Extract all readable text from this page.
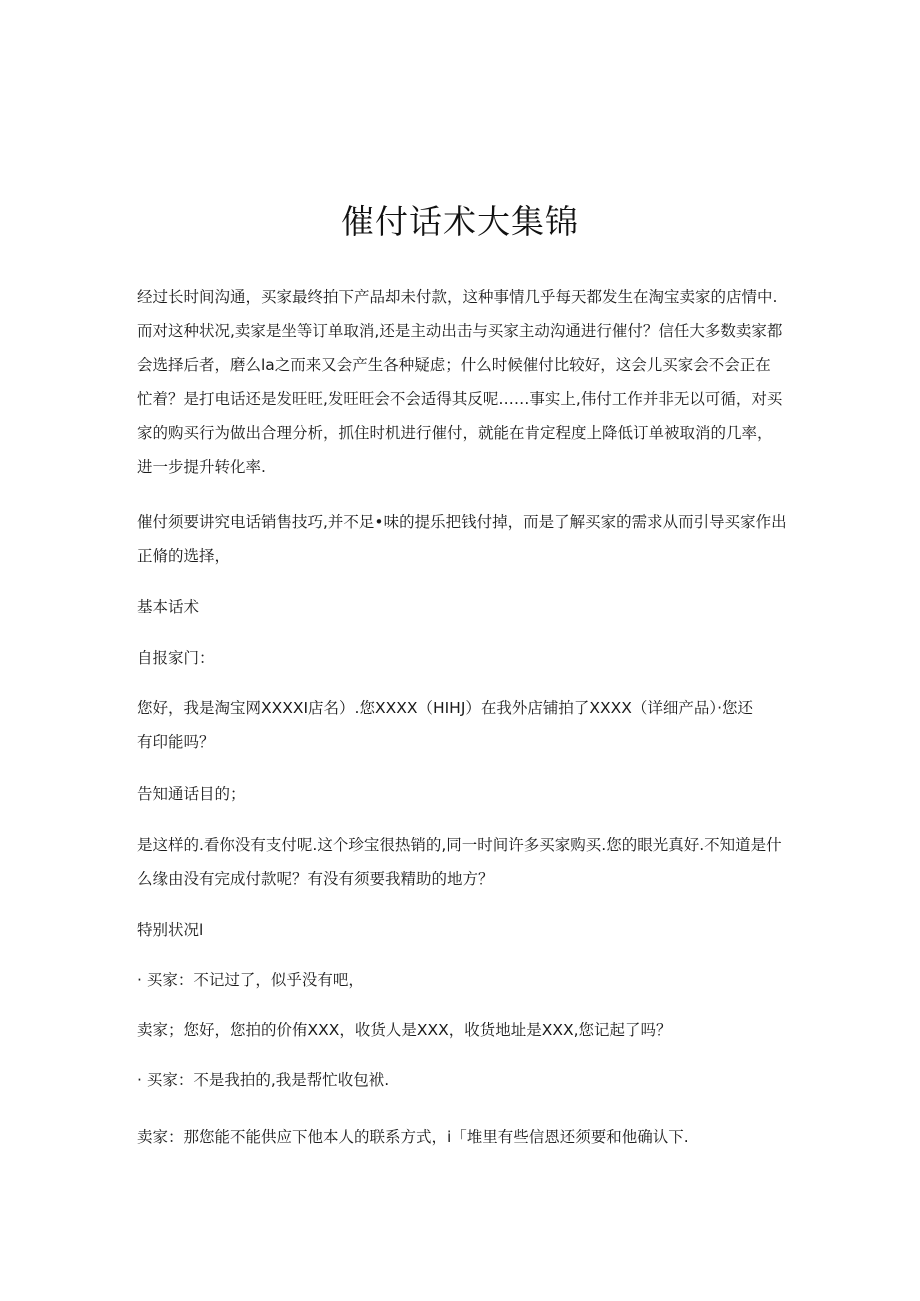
催付话术大集锦

经过长时间沟通，买家最终拍下产品却未付款，这种事情几乎每天都发生在淘宝卖家的店情中.
而对这种状况,卖家是坐等订单取消,还是主动出击与买家主动沟通进行催付？信任大多数卖家都
会选择后者，磨么la之而来又会产生各种疑虑；什么时候催付比较好，这会儿买家会不会正在
忙着？是打电话还是发旺旺,发旺旺会不会适得其反呢……事实上,伟付工作并非无以可循，对买
家的购买行为做出合理分析，抓住时机进行催付，就能在肯定程度上降低订单被取消的几率，
进一步提升转化率.

催付须要讲究电话销售技巧,并不足•味的提乐把钱付掉，而是了解买家的需求从而引导买家作出
正脩的选择，

基本话术

自报家门：

您好，我是淘宝网XXXXI店名）.您XXXX（HIHJ）在我外店铺拍了XXXX（详细产品）·您还
有印能吗？

告知通话目的；

是这样的.看你没有支付呢.这个珍宝很热销的,同一时间许多买家购买.您的眼光真好.不知道是什
么缘由没有完成付款呢？有没有须要我精助的地方？

特别状况l

· 买家：不记过了，似乎没有吧，

卖家；您好，您拍的价侑XXX，收货人是XXX，收货地址是XXX,您记起了吗？

· 买家：不是我拍的,我是帮忙收包袱.

卖家：那您能不能供应下他本人的联系方式，i「堆里有些信恩还须要和他确认下.
